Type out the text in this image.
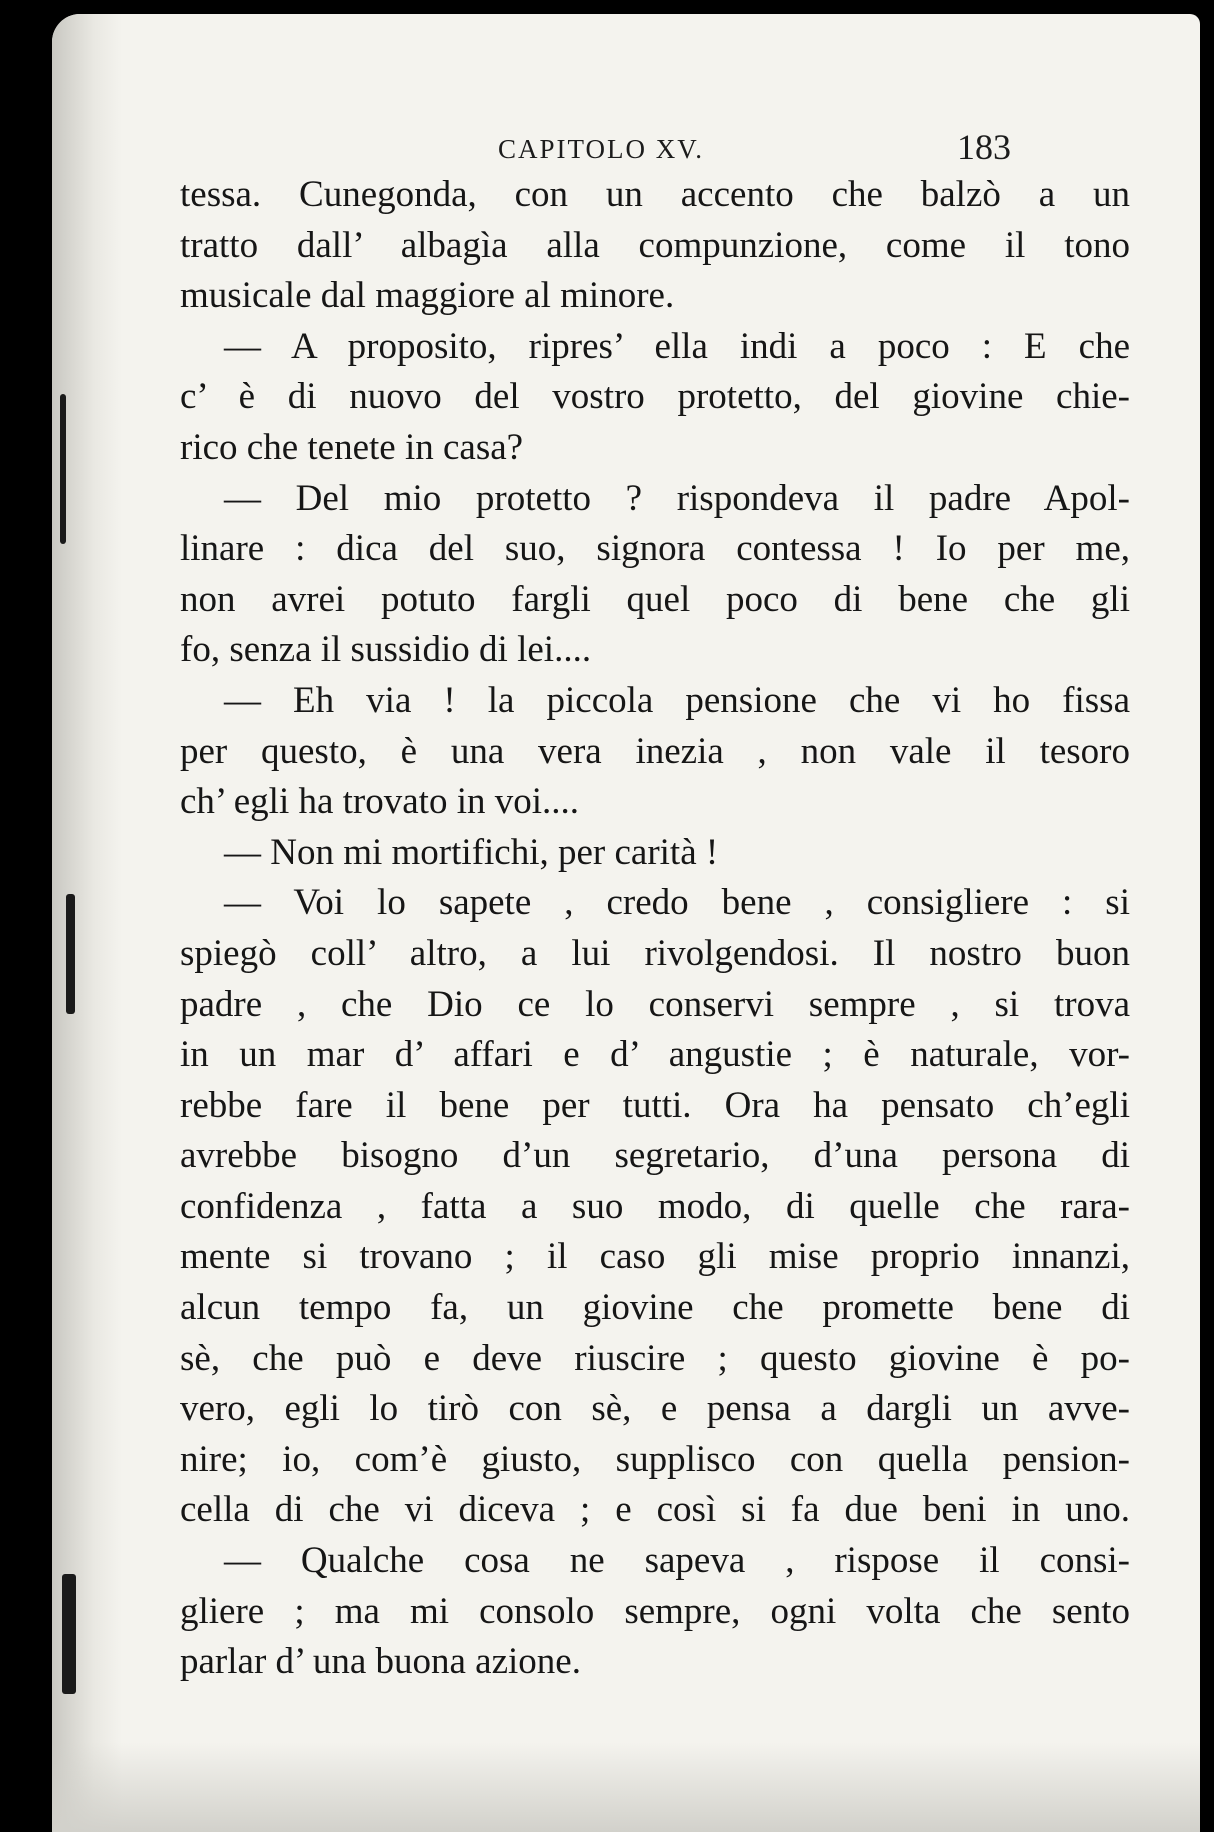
CAPITOLO XV.	183
tessa. Cunegonda, con un accento che balzò a un
tratto dall’ albagìa alla compunzione, come il tono
musicale dal maggiore al minore.
— A proposito, ripres’ ella indi a poco : E che
c’ è di nuovo del vostro protetto, del giovine chie-
rico che tenete in casa?
— Del mio protetto ? rispondeva il padre Apol-
linare : dica del suo, signora contessa ! Io per me,
non avrei potuto fargli quel poco di bene che gli
fo, senza il sussidio di lei....
— Eh via ! la piccola pensione che vi ho fissa
per questo, è una vera inezia , non vale il tesoro
ch’ egli ha trovato in voi....
— Non mi mortifichi, per carità !
— Voi lo sapete , credo bene , consigliere : si
spiegò coll’ altro, a lui rivolgendosi. Il nostro buon
padre , che Dio ce lo conservi sempre , si trova
in un mar d’ affari e d’ angustie ; è naturale, vor-
rebbe fare il bene per tutti. Ora ha pensato ch’egli
avrebbe bisogno d’un segretario, d’una persona di
confidenza , fatta a suo modo, di quelle che rara-
mente si trovano ; il caso gli mise proprio innanzi,
alcun tempo fa, un giovine che promette bene di
sè, che può e deve riuscire ; questo giovine è po-
vero, egli lo tirò con sè, e pensa a dargli un avve-
nire; io, com’è giusto, supplisco con quella pension-
cella di che vi diceva ; e così si fa due beni in uno.
— Qualche cosa ne sapeva , rispose il consi-
gliere ; ma mi consolo sempre, ogni volta che sento
parlar d’ una buona azione.
